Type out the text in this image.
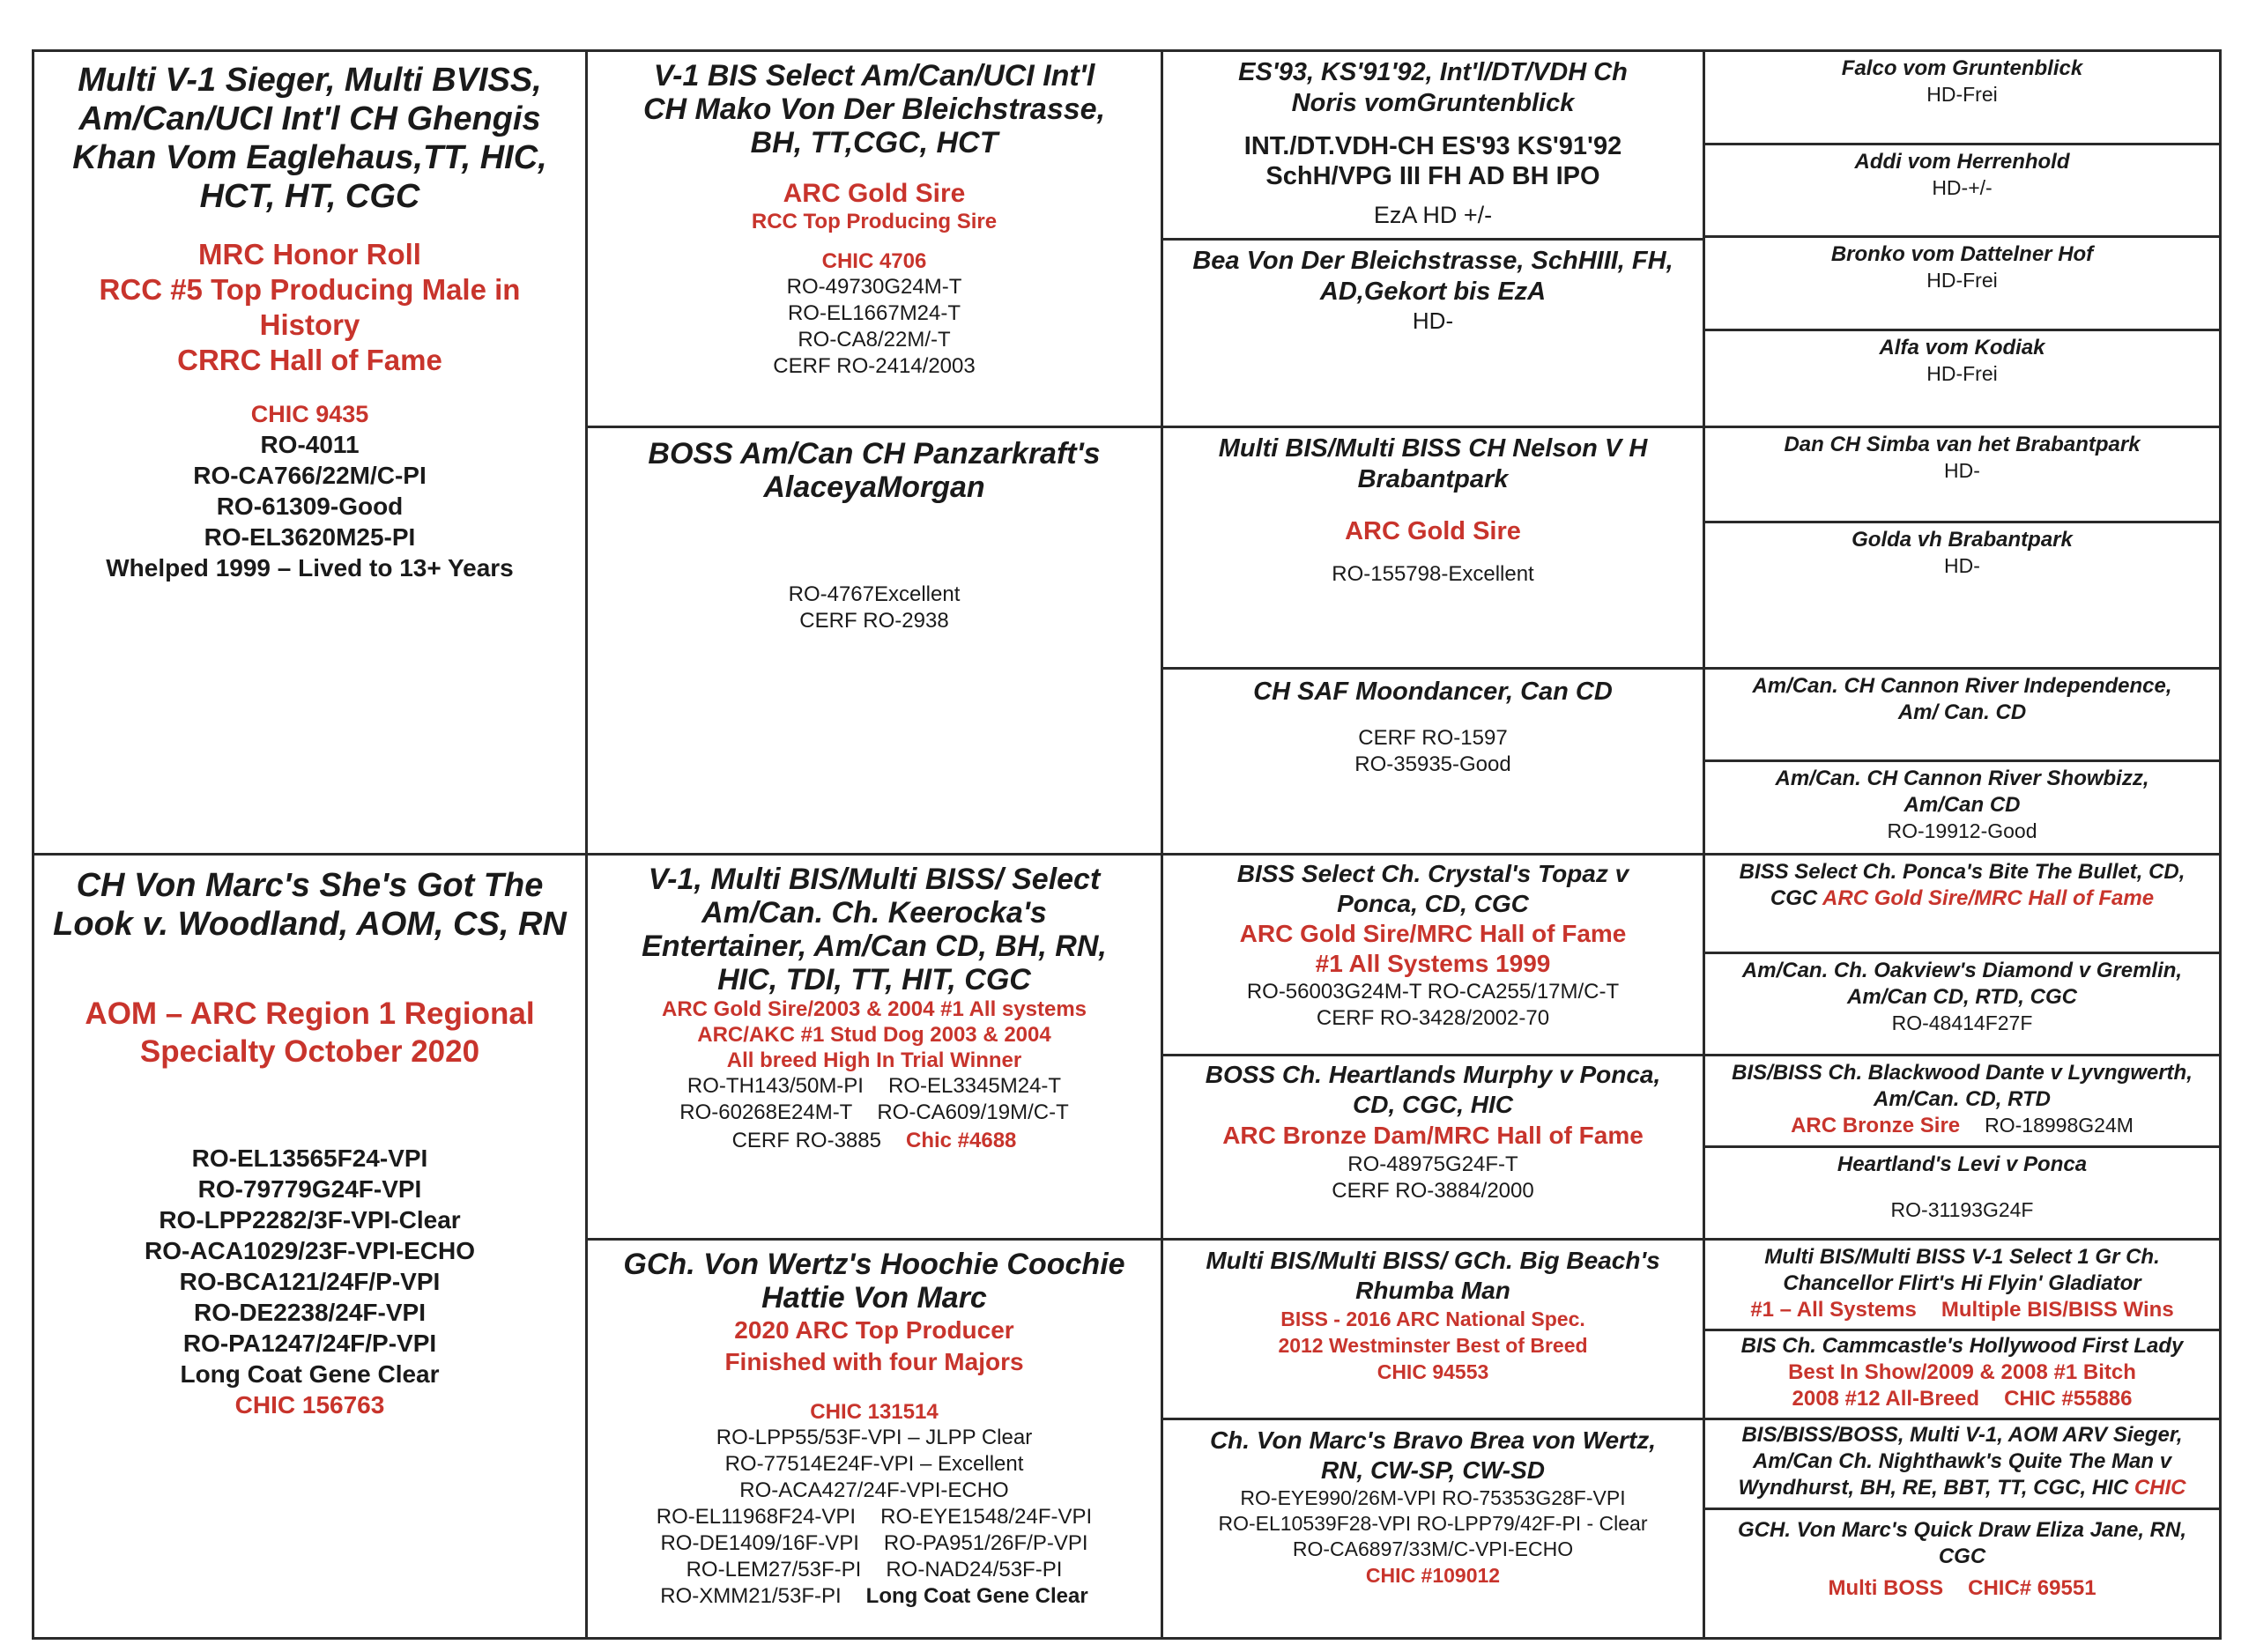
Multi V-1 Sieger, Multi BVISS,
Am/Can/UCI Int'l CH Ghengis
Khan Vom Eaglehaus,TT, HIC,
HCT, HT, CGC
MRC Honor Roll
RCC #5 Top Producing Male in
History
CRRC Hall of Fame
CHIC 9435
RO-4011
RO-CA766/22M/C-PI
RO-61309-Good
RO-EL3620M25-PI
Whelped 1999 – Lived to 13+ Years
CH Von Marc's She's Got The
Look v. Woodland, AOM, CS, RN
AOM – ARC Region 1 Regional
Specialty October 2020
RO-EL13565F24-VPI
RO-79779G24F-VPI
RO-LPP2282/3F-VPI-Clear
RO-ACA1029/23F-VPI-ECHO
RO-BCA121/24F/P-VPI
RO-DE2238/24F-VPI
RO-PA1247/24F/P-VPI
Long Coat Gene Clear
CHIC 156763
V-1 BIS Select Am/Can/UCI Int'l
CH Mako Von Der Bleichstrasse,
BH, TT,CGC, HCT
ARC Gold Sire
RCC Top Producing Sire
CHIC 4706
RO-49730G24M-T
RO-EL1667M24-T
RO-CA8/22M/-T
CERF RO-2414/2003
BOSS Am/Can CH Panzarkraft's
AlaceyaMorgan
RO-4767Excellent
CERF RO-2938
V-1, Multi BIS/Multi BISS/ Select
Am/Can. Ch. Keerocka's
Entertainer, Am/Can CD, BH, RN,
HIC, TDI, TT, HIT, CGC
ARC Gold Sire/2003 & 2004 #1 All systems
ARC/AKC #1 Stud Dog 2003 & 2004
All breed High In Trial Winner
RO-TH143/50M-PI RO-EL3345M24-T
RO-60268E24M-T RO-CA609/19M/C-T
CERF RO-3885 Chic #4688
GCh. Von Wertz's Hoochie Coochie
Hattie Von Marc
2020 ARC Top Producer
Finished with four Majors
CHIC 131514
RO-LPP55/53F-VPI – JLPP Clear
RO-77514E24F-VPI – Excellent
RO-ACA427/24F-VPI-ECHO
RO-EL11968F24-VPI RO-EYE1548/24F-VPI
RO-DE1409/16F-VPI RO-PA951/26F/P-VPI
RO-LEM27/53F-PI RO-NAD24/53F-PI
RO-XMM21/53F-PI Long Coat Gene Clear
ES'93, KS'91'92, Int'l/DT/VDH Ch
Noris vomGruntenblick
INT./DT.VDH-CH ES'93 KS'91'92
SchH/VPG III FH AD BH IPO
EzA HD +/-
Bea Von Der Bleichstrasse, SchHIII, FH,
AD,Gekort bis EzA
HD-
Multi BIS/Multi BISS CH Nelson V H
Brabantpark
ARC Gold Sire
RO-155798-Excellent
CH SAF Moondancer, Can CD
CERF RO-1597
RO-35935-Good
BISS Select Ch. Crystal's Topaz v
Ponca, CD, CGC
ARC Gold Sire/MRC Hall of Fame
#1 All Systems 1999
RO-56003G24M-T RO-CA255/17M/C-T
CERF RO-3428/2002-70
BOSS Ch. Heartlands Murphy v Ponca,
CD, CGC, HIC
ARC Bronze Dam/MRC Hall of Fame
RO-48975G24F-T
CERF RO-3884/2000
Multi BIS/Multi BISS/ GCh. Big Beach's
Rhumba Man
BISS - 2016 ARC National Spec.
2012 Westminster Best of Breed
CHIC 94553
Ch. Von Marc's Bravo Brea von Wertz,
RN, CW-SP, CW-SD
RO-EYE990/26M-VPI RO-75353G28F-VPI
RO-EL10539F28-VPI RO-LPP79/42F-PI - Clear
RO-CA6897/33M/C-VPI-ECHO
CHIC #109012
Falco vom Gruntenblick
HD-Frei
Addi vom Herrenhold
HD-+/-
Bronko vom Dattelner Hof
HD-Frei
Alfa vom Kodiak
HD-Frei
Dan CH Simba van het Brabantpark
HD-
Golda vh Brabantpark
HD-
Am/Can. CH Cannon River Independence,
Am/ Can. CD
Am/Can. CH Cannon River Showbizz,
Am/Can CD
RO-19912-Good
BISS Select Ch. Ponca's Bite The Bullet, CD,
CGC ARC Gold Sire/MRC Hall of Fame
Am/Can. Ch. Oakview's Diamond v Gremlin,
Am/Can CD, RTD, CGC
RO-48414F27F
BIS/BISS Ch. Blackwood Dante v Lyvngwerth,
Am/Can. CD, RTD
ARC Bronze Sire RO-18998G24M
Heartland's Levi v Ponca
RO-31193G24F
Multi BIS/Multi BISS V-1 Select 1 Gr Ch.
Chancellor Flirt's Hi Flyin' Gladiator
#1 – All Systems Multiple BIS/BISS Wins
BIS Ch. Cammcastle's Hollywood First Lady
Best In Show/2009 & 2008 #1 Bitch
2008 #12 All-Breed CHIC #55886
BIS/BISS/BOSS, Multi V-1, AOM ARV Sieger,
Am/Can Ch. Nighthawk's Quite The Man v
Wyndhurst, BH, RE, BBT, TT, CGC, HIC CHIC
GCH. Von Marc's Quick Draw Eliza Jane, RN,
CGC
Multi BOSS CHIC# 69551
